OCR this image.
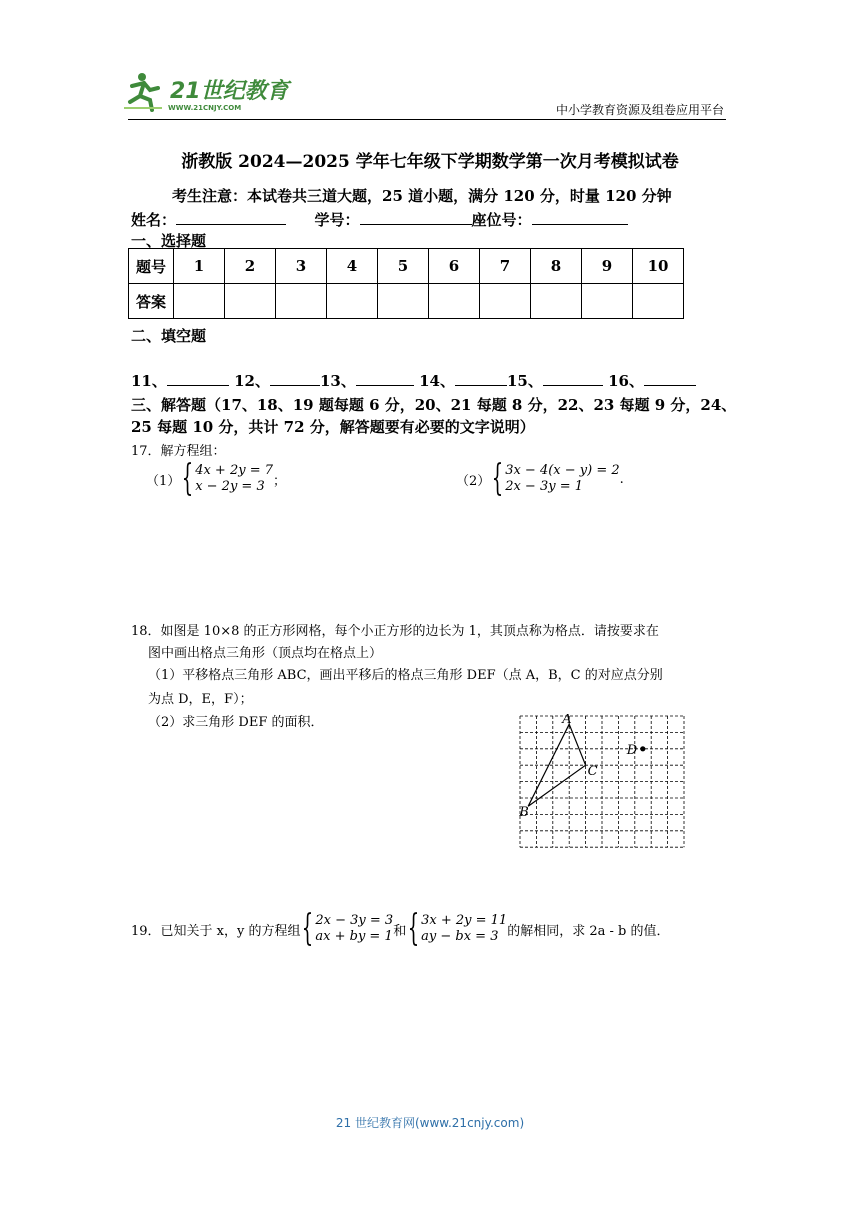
21世纪教育
WWW.21CNJY.COM	中小学教育资源及组卷应用平台
浙教版 2024—2025 学年七年级下学期数学第一次月考模拟试卷
考生注意：本试卷共三道大题，25 道小题，满分 120 分，时量 120 分钟
姓名：	学号：	座位号：
一、选择题
题号	1	2	3	4	5	6	7	8	9	10
答案										
二、填空题
11、	12、	13、	14、	15、	16、
三、解答题（17、18、19 题每题 6 分，20、21 每题 8 分，22、23 每题 9 分，24、
25 每题 10 分，共计 72 分，解答题要有必要的文字说明）
17．解方程组：
（1） { 4x + 2y = 7
x − 2y = 3 ；	（2） { 3x − 4(x − y) = 2
2x − 3y = 1	.
18．如图是 10×8 的正方形网格，每个小正方形的边长为 1，其顶点称为格点．请按要求在
图中画出格点三角形（顶点均在格点上）
（1）平移格点三角形 ABC，画出平移后的格点三角形 DEF（点 A，B，C 的对应点分别
为点 D，E，F）；
（2）求三角形 DEF 的面积．	A
B
C
D
19．已知关于 x，y 的方程组 { 2x − 3y = 3
ax + by = 1 和 { 3x + 2y = 11
ay − bx = 3 的解相同，求 2a - b 的值．
21 世纪教育网(www.21cnjy.com)
